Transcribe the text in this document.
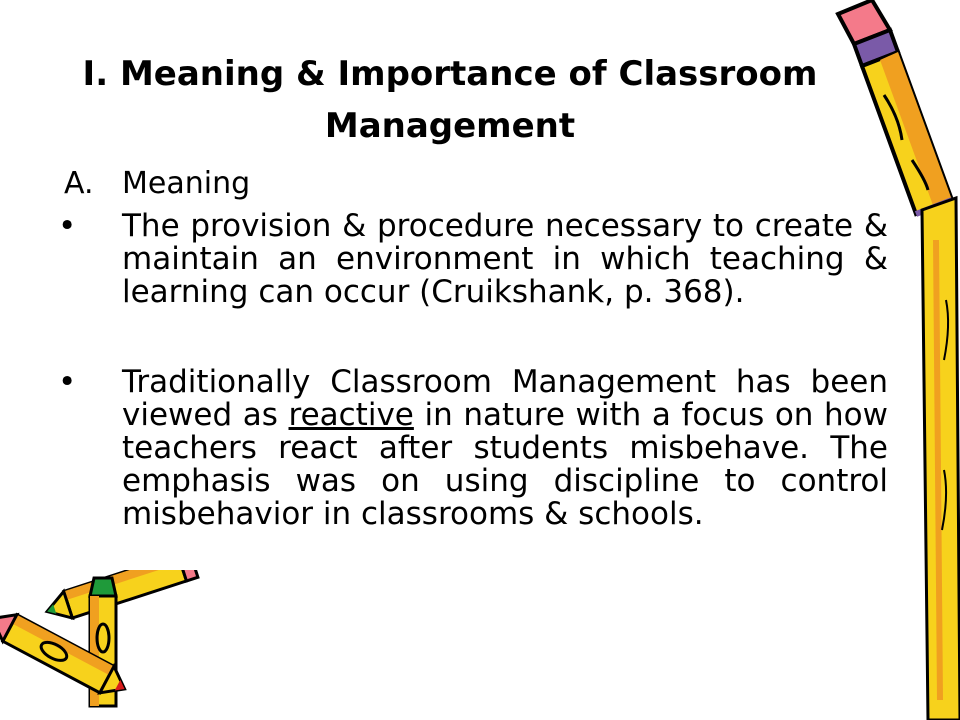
I. Meaning & Importance of Classroom
Management
A. Meaning
•	The provision & procedure necessary to create & maintain an environment in which teaching & learning can occur (Cruikshank, p. 368).
•	Traditionally Classroom Management has been viewed as reactive in nature with a focus on how teachers react after students misbehave. The emphasis was on using discipline to control misbehavior in classrooms & schools.
